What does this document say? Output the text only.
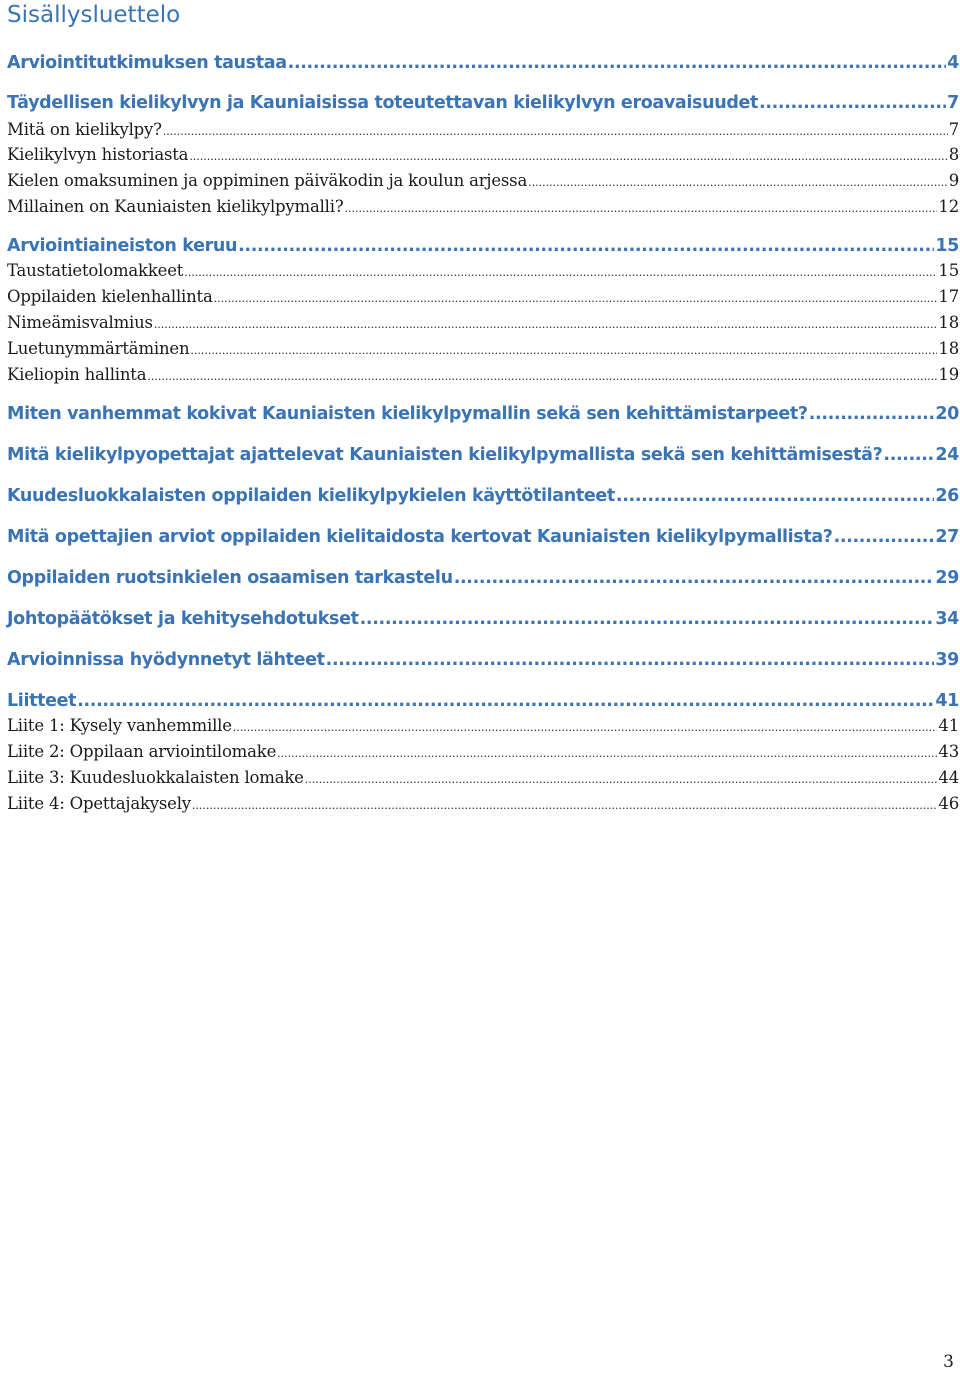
Sisällysluettelo
Arviointitutkimuksen taustaa .....	4
Täydellisen kielikylvyn ja Kauniaisissa toteutettavan kielikylvyn eroavaisuudet .....	7
Mitä on kielikylpy? .....	7
Kielikylvyn historiasta .....	8
Kielen omaksuminen ja oppiminen päiväkodin ja koulun arjessa .....	9
Millainen on Kauniaisten kielikylpymalli? .....	12
Arviointiaineiston keruu .....	15
Taustatietolomakkeet .....	15
Oppilaiden kielenhallinta .....	17
Nimeämisvalmius .....	18
Luetunymmärtäminen .....	18
Kieliopin hallinta .....	19
Miten vanhemmat kokivat Kauniaisten kielikylpymallin sekä sen kehittämistarpeet? .....	20
Mitä kielikylpyopettajat ajattelevat Kauniaisten kielikylpymallista sekä sen kehittämisestä? .....	24
Kuudesluokkalaisten oppilaiden kielikylpykielen käyttötilanteet .....	26
Mitä opettajien arviot oppilaiden kielitaidosta kertovat Kauniaisten kielikylpymallista? .....	27
Oppilaiden ruotsinkielen osaamisen tarkastelu .....	29
Johtopäätökset ja kehitysehdotukset .....	34
Arvioinnissa hyödynnetyt lähteet .....	39
Liitteet .....	41
Liite 1: Kysely vanhemmille .....	41
Liite 2: Oppilaan arviointilomake .....	43
Liite 3: Kuudesluokkalaisten lomake .....	44
Liite 4: Opettajakysely .....	46
3
